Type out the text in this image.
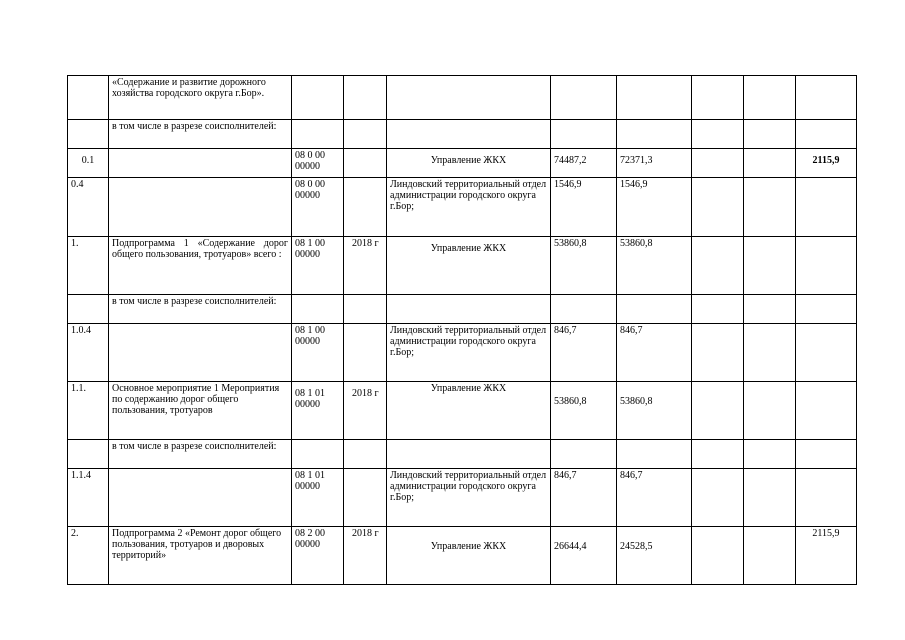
	«Содержание и развитие дорожного хозяйства городского округа г.Бор».								
	в том числе в разрезе соисполнителей:								
0.1		08 0 00 00000		Управление ЖКХ	74487,2	72371,3			2115,9
0.4		08 0 00 00000		Линдовский территориальный отдел администрации городского округа г.Бор;	1546,9	1546,9			
1.	Подпрограмма 1 «Содержание дорог общего пользования, тротуаров» всего :	08 1 00 00000	2018 г	Управление ЖКХ	53860,8	53860,8			
	в том числе в разрезе соисполнителей:								
1.0.4		08 1 00 00000		Линдовский территориальный отдел администрации городского округа г.Бор;	846,7	846,7			
1.1.	Основное мероприятие 1 Мероприятия по содержанию дорог общего пользования, тротуаров	08 1 01 00000	2018 г	Управление ЖКХ	53860,8	53860,8			
	в том числе в разрезе соисполнителей:								
1.1.4		08 1 01 00000		Линдовский территориальный отдел администрации городского округа г.Бор;	846,7	846,7			
2.	Подпрограмма 2 «Ремонт дорог общего пользования, тротуаров и дворовых территорий»	08 2 00 00000	2018 г	Управление ЖКХ	26644,4	24528,5			2115,9
